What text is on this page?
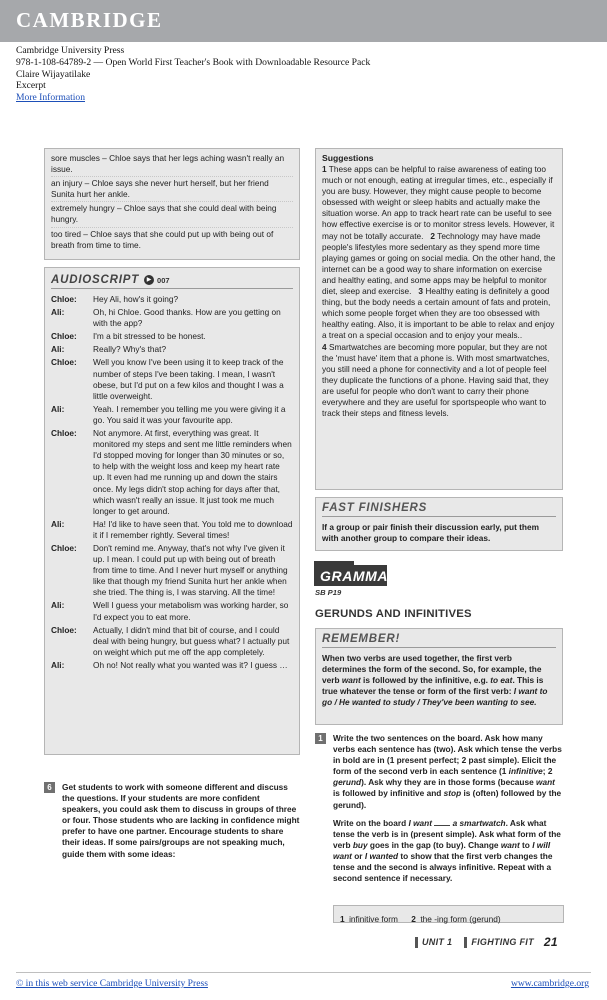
CAMBRIDGE
Cambridge University Press
978-1-108-64789-2 — Open World First Teacher's Book with Downloadable Resource Pack
Claire Wijayatilake
Excerpt
More Information
sore muscles – Chloe says that her legs aching wasn't really an issue.
an injury – Chloe says she never hurt herself, but her friend Sunita hurt her ankle.
extremely hungry – Chloe says that she could deal with being hungry.
too tired – Chloe says that she could put up with being out of breath from time to time.
AUDIOSCRIPT	▶ 007
Chloe:	Hey Ali, how's it going?
Ali:	Oh, hi Chloe. Good thanks. How are you getting on with the app?
Chloe:	I'm a bit stressed to be honest.
Ali:	Really? Why's that?
Chloe:	Well you know I've been using it to keep track of the number of steps I've been taking. I mean, I wasn't obese, but I'd put on a few kilos and thought I was a little overweight.
Ali:	Yeah. I remember you telling me you were giving it a go. You said it was your favourite app.
Chloe:	Not anymore. At first, everything was great. It monitored my steps and sent me little reminders when I'd stopped moving for longer than 30 minutes or so, to help with the weight loss and keep my heart rate up. It even had me running up and down the stairs once. My legs didn't stop aching for days after that, which wasn't really an issue. It just took me much longer to get around.
Ali:	Ha! I'd like to have seen that. You told me to download it if I remember rightly. Several times!
Chloe:	Don't remind me. Anyway, that's not why I've given it up. I mean. I could put up with being out of breath from time to time. And I never hurt myself or anything like that though my friend Sunita hurt her ankle when she tried. The thing is, I was starving. All the time!
Ali:	Well I guess your metabolism was working harder, so I'd expect you to eat more.
Chloe:	Actually, I didn't mind that bit of course, and I could deal with being hungry, but guess what? I actually put on weight which put me off the app completely.
Ali:	Oh no! Not really what you wanted was it? I guess …
6	Get students to work with someone different and discuss the questions. If your students are more confident speakers, you could ask them to discuss in groups of three or four. Those students who are lacking in confidence might prefer to have one partner. Encourage students to share their ideas. If some pairs/groups are not speaking much, guide them with some ideas:
Suggestions
1 These apps can be helpful to raise awareness of eating too much or not enough, eating at irregular times, etc., especially if you are busy. However, they might cause people to become obsessed with weight or sleep habits and actually make the situation worse. An app to track heart rate can be useful to see how effective exercise is or to monitor stress levels. However, it may not be totally accurate. 2 Technology may have made people's lifestyles more sedentary as they spend more time playing games or going on social media. On the other hand, the internet can be a good way to share information on exercise and healthy eating, and some apps may be helpful to monitor diet, sleep and exercise. 3 Healthy eating is definitely a good thing, but the body needs a certain amount of fats and protein, which some people forget when they are too obsessed with healthy eating. Also, it is important to be able to relax and enjoy a treat on a special occasion and to enjoy your meals..
4 Smartwatches are becoming more popular, but they are not the 'must have' item that a phone is. With most smartwatches, you still need a phone for connectivity and a lot of people feel they duplicate the functions of a phone. Having said that, they are useful for people who don't want to carry their phone everywhere and they are useful for sportspeople who want to track their steps and fitness levels.
FAST FINISHERS
If a group or pair finish their discussion early, put them with another group to compare their ideas.
GRAMMAR
SB P19
GERUNDS AND INFINITIVES
REMEMBER!
When two verbs are used together, the first verb determines the form of the second. So, for example, the verb want is followed by the infinitive, e.g. to eat. This is true whatever the tense or form of the first verb: I want to go / He wanted to study / They've been wanting to see.
1	Write the two sentences on the board. Ask how many verbs each sentence has (two). Ask which tense the verbs in bold are in (1 present perfect; 2 past simple). Elicit the form of the second verb in each sentence (1 infinitive; 2 gerund). Ask why they are in those forms (because want is followed by infinitive and stop is (often) followed by the gerund).
Write on the board I want a smartwatch. Ask what tense the verb is in (present simple). Ask what form of the verb buy goes in the gap (to buy). Change want to I will want or I wanted to show that the first verb changes the tense and the second is always infinitive. Repeat with a second sentence if necessary.
1 infinitive form 2 the -ing form (gerund)
UNIT 1 FIGHTING FIT 21
© in this web service Cambridge University Press	www.cambridge.org
